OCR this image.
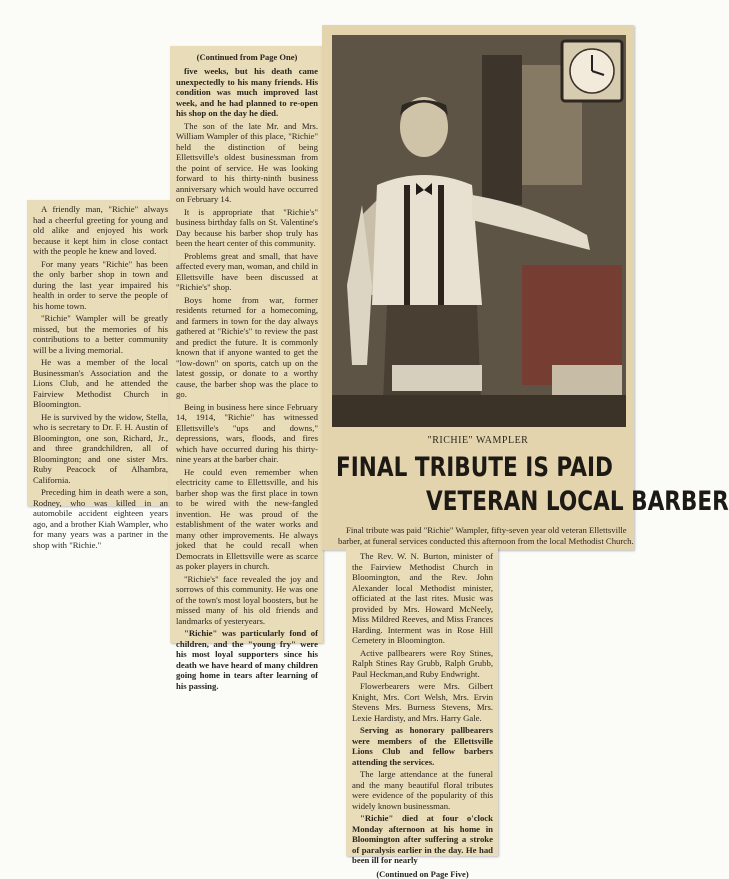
A friendly man, "Richie" always had a cheerful greeting for young and old alike and enjoyed his work because it kept him in close contact with the people he knew and loved.

For many years "Richie" has been the only barber shop in town and during the last year impaired his health in order to serve the people of his home town.

"Richie" Wampler will be greatly missed, but the memories of his contributions to a better community will be a living memorial.

He was a member of the local Businessman's Association and the Lions Club, and he attended the Fairview Methodist Church in Bloomington.

He is survived by the widow, Stella, who is secretary to Dr. F. H. Austin of Bloomington, one son, Richard, Jr., and three grandchildren, all of Bloomington; and one sister Mrs. Ruby Peacock of Alhambra, California.

Preceding him in death were a son, Rodney, who was killed in an automobile accident eighteen years ago, and a brother Kiah Wampler, who for many years was a partner in the shop with "Richie."

(Continued from Page One)

five weeks, but his death came unexpectedly to his many friends. His condition was much improved last week, and he had planned to re-open his shop on the day he died.

The son of the late Mr. and Mrs. William Wampler of this place, "Richie" held the distinction of being Ellettsville's oldest businessman from the point of service. He was looking forward to his thirty-ninth business anniversary which would have occurred on February 14.

It is appropriate that "Richie's" business birthday falls on St. Valentine's Day because his barber shop truly has been the heart center of this community.

Problems great and small, that have affected every man, woman, and child in Ellettsville have been discussed at "Richie's" shop.

Boys home from war, former residents returned for a homecoming, and farmers in town for the day always gathered at "Richie's" to review the past and predict the future. It is commonly known that if anyone wanted to get the "low-down" on sports, catch up on the latest gossip, or donate to a worthy cause, the barber shop was the place to go.

Being in business here since February 14, 1914, "Richie" has witnessed Ellettsville's "ups and downs," depressions, wars, floods, and fires which have occurred during his thirty-nine years at the barber chair.

He could even remember when electricity came to Ellettsville, and his barber shop was the first place in town to be wired with the new-fangled invention. He was proud of the establishment of the water works and many other improvements. He always joked that he could recall when Democrats in Ellettsville were as scarce as poker players in church.

"Richie's" face revealed the joy and sorrows of this community. He was one of the town's most loyal boosters, but he missed many of his old friends and landmarks of yesteryears.

"Richie" was particularly fond of children, and the "young fry" were his most loyal supporters since his death we have heard of many children going home in tears after learning of his passing.

"RICHIE" WAMPLER
FINAL TRIBUTE IS PAID
VETERAN LOCAL BARBER
Final tribute was paid "Richie" Wampler, fifty-seven year old veteran Ellettsville barber, at funeral services conducted this afternoon from the local Methodist Church.

The Rev. W. N. Burton, minister of the Fairview Methodist Church in Bloomington, and the Rev. John Alexander local Methodist minister, officiated at the last rites. Music was provided by Mrs. Howard McNeely, Miss Mildred Reeves, and Miss Frances Harding. Interment was in Rose Hill Cemetery in Bloomington.

Active pallbearers were Roy Stines, Ralph Stines Ray Grubb, Ralph Grubb, Paul Heckman,and Ruby Endwright.

Flowerbearers were Mrs. Gilbert Knight, Mrs. Cort Welsh, Mrs. Ervin Stevens Mrs. Burness Stevens, Mrs. Lexie Hardisty, and Mrs. Harry Gale.

Serving as honorary pallbearers were members of the Ellettsville Lions Club and fellow barbers attending the services.

The large attendance at the funeral and the many beautiful floral tributes were evidence of the popularity of this widely known businessman.

"Richie" died at four o'clock Monday afternoon at his home in Bloomington after suffering a stroke of paralysis earlier in the day. He had been ill for nearly

(Continued on Page Five)
